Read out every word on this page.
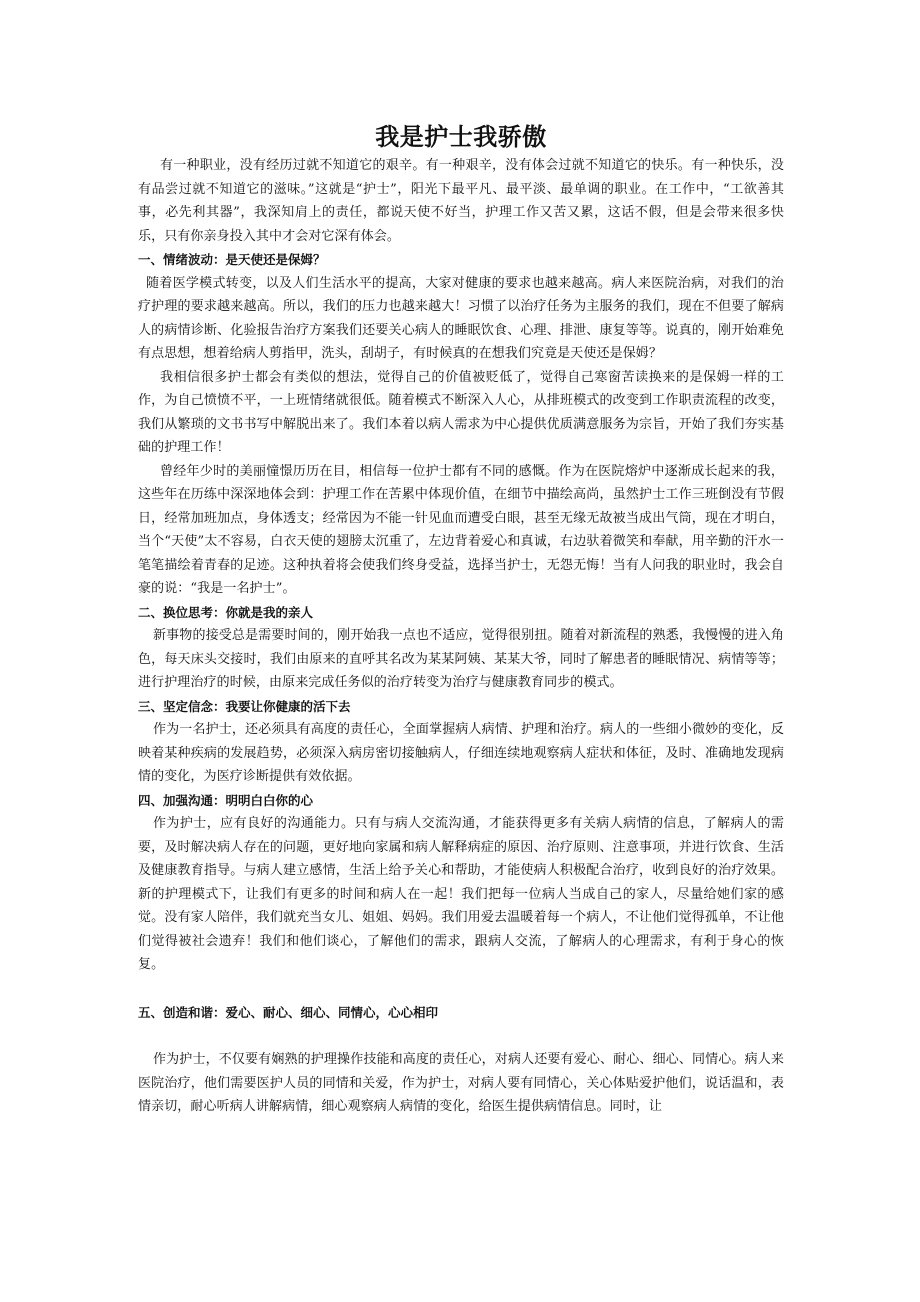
我是护士我骄傲

有一种职业，没有经历过就不知道它的艰辛。有一种艰辛，没有体会过就不知道它的快乐。有一种快乐，没有品尝过就不知道它的滋味。”这就是“护士”，阳光下最平凡、最平淡、最单调的职业。在工作中，“工欲善其事，必先利其器”，我深知肩上的责任，都说天使不好当，护理工作又苦又累，这话不假，但是会带来很多快乐，只有你亲身投入其中才会对它深有体会。

一、情绪波动：是天使还是保姆？

随着医学模式转变，以及人们生活水平的提高，大家对健康的要求也越来越高。病人来医院治病，对我们的治疗护理的要求越来越高。所以，我们的压力也越来越大！习惯了以治疗任务为主服务的我们，现在不但要了解病人的病情诊断、化验报告治疗方案我们还要关心病人的睡眠饮食、心理、排泄、康复等等。说真的，刚开始难免有点思想，想着给病人剪指甲，洗头，刮胡子，有时候真的在想我们究竟是天使还是保姆？

我相信很多护士都会有类似的想法，觉得自己的价值被贬低了，觉得自己寒窗苦读换来的是保姆一样的工作，为自己愤愤不平，一上班情绪就很低。随着模式不断深入人心，从排班模式的改变到工作职责流程的改变，我们从繁琐的文书书写中解脱出来了。我们本着以病人需求为中心提供优质满意服务为宗旨，开始了我们夯实基础的护理工作！

曾经年少时的美丽憧憬历历在目，相信每一位护士都有不同的感慨。作为在医院熔炉中逐渐成长起来的我，这些年在历练中深深地体会到：护理工作在苦累中体现价值，在细节中描绘高尚，虽然护士工作三班倒没有节假日，经常加班加点，身体透支；经常因为不能一针见血而遭受白眼，甚至无缘无故被当成出气筒，现在才明白，当个“天使”太不容易，白衣天使的翅膀太沉重了，左边背着爱心和真诚，右边驮着微笑和奉献，用辛勤的汗水一笔笔描绘着青春的足迹。这种执着将会使我们终身受益，选择当护士，无怨无悔！当有人问我的职业时，我会自豪的说：“我是一名护士”。

二、换位思考：你就是我的亲人

新事物的接受总是需要时间的，刚开始我一点也不适应，觉得很别扭。随着对新流程的熟悉，我慢慢的进入角色，每天床头交接时，我们由原来的直呼其名改为某某阿姨、某某大爷，同时了解患者的睡眠情况、病情等等；进行护理治疗的时候，由原来完成任务似的治疗转变为治疗与健康教育同步的模式。

三、坚定信念：我要让你健康的活下去

作为一名护士，还必须具有高度的责任心，全面掌握病人病情、护理和治疗。病人的一些细小微妙的变化，反映着某种疾病的发展趋势，必须深入病房密切接触病人，仔细连续地观察病人症状和体征，及时、准确地发现病情的变化，为医疗诊断提供有效依据。

四、加强沟通：明明白白你的心

作为护士，应有良好的沟通能力。只有与病人交流沟通，才能获得更多有关病人病情的信息，了解病人的需要，及时解决病人存在的问题，更好地向家属和病人解释病症的原因、治疗原则、注意事项，并进行饮食、生活及健康教育指导。与病人建立感情，生活上给予关心和帮助，才能使病人积极配合治疗，收到良好的治疗效果。新的护理模式下，让我们有更多的时间和病人在一起！我们把每一位病人当成自己的家人，尽量给她们家的感觉。没有家人陪伴，我们就充当女儿、姐姐、妈妈。我们用爱去温暖着每一个病人，不让他们觉得孤单，不让他们觉得被社会遗弃！我们和他们谈心，了解他们的需求，跟病人交流，了解病人的心理需求，有利于身心的恢复。

五、创造和谐：爱心、耐心、细心、同情心，心心相印

作为护士，不仅要有娴熟的护理操作技能和高度的责任心，对病人还要有爱心、耐心、细心、同情心。病人来医院治疗，他们需要医护人员的同情和关爱，作为护士，对病人要有同情心，关心体贴爱护他们，说话温和，表情亲切，耐心听病人讲解病情，细心观察病人病情的变化，给医生提供病情信息。同时，让
